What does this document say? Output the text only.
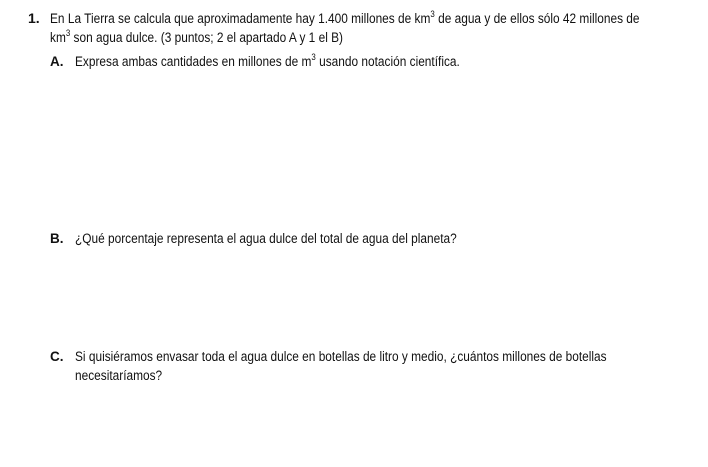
1. En La Tierra se calcula que aproximadamente hay 1.400 millones de $km^3$ de agua y de ellos sólo 42 millones de
$km^3$ son agua dulce. (3 puntos; 2 el apartado A y 1 el B)
A. Expresa ambas cantidades en millones de $m^3$ usando notación científica.
B. ¿Qué porcentaje representa el agua dulce del total de agua del planeta?
C. Si quisiéramos envasar toda el agua dulce en botellas de litro y medio, ¿cuántos millones de botellas
necesitaríamos?
